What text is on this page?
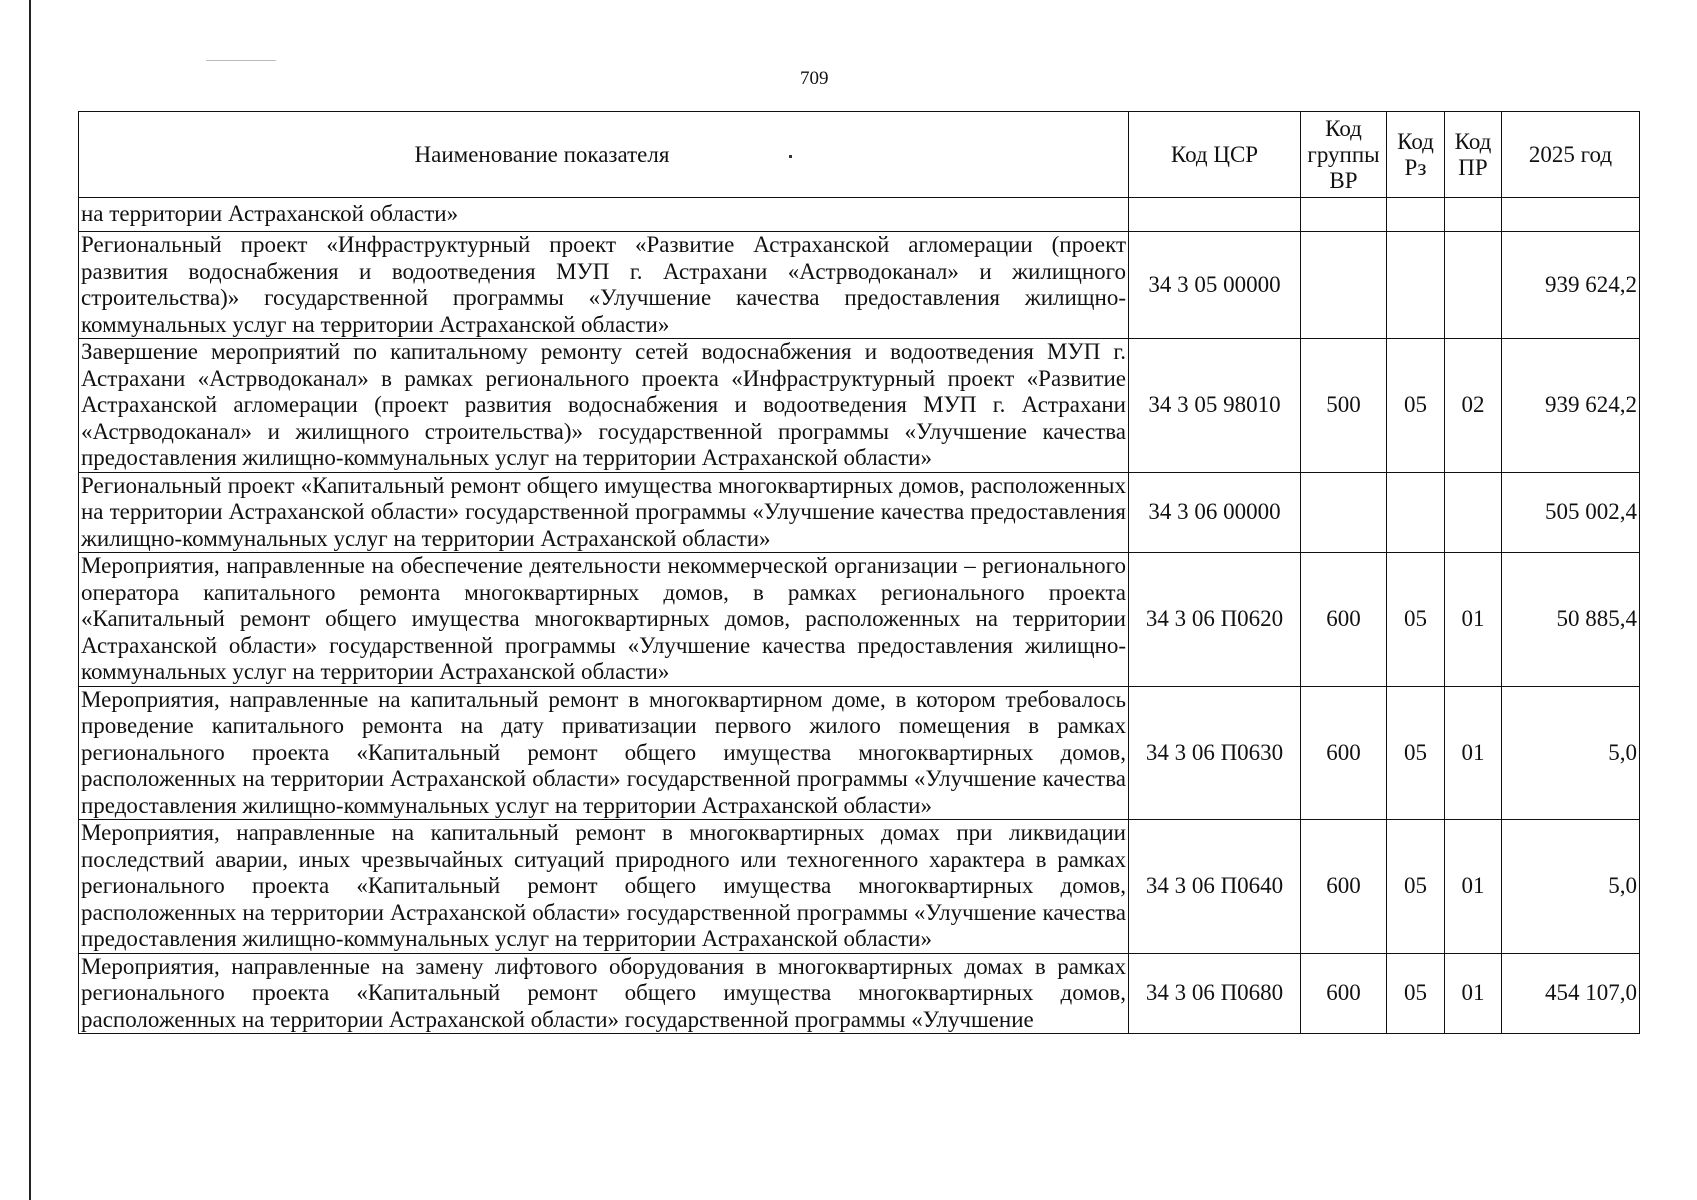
709
Наименование показателя	Код ЦСР	Код группы ВР	Код Рз	Код ПР	2025 год
на территории Астраханской области»					
Региональный проект «Инфраструктурный проект «Развитие Астраханской агломерации (проект развития водоснабжения и водоотведения МУП г. Астрахани «Астрводоканал» и жилищного строительства)» государственной программы «Улучшение качества предоставления жилищно-коммунальных услуг на территории Астраханской области»	34 3 05 00000				939 624,2
Завершение мероприятий по капитальному ремонту сетей водоснабжения и водоотведения МУП г. Астрахани «Астрводоканал» в рамках регионального проекта «Инфраструктурный проект «Развитие Астраханской агломерации (проект развития водоснабжения и водоотведения МУП г. Астрахани «Астрводоканал» и жилищного строительства)» государственной программы «Улучшение качества предоставления жилищно-коммунальных услуг на территории Астраханской области»	34 3 05 98010	500	05	02	939 624,2
Региональный проект «Капитальный ремонт общего имущества многоквартирных домов, расположенных на территории Астраханской области» государственной программы «Улучшение качества предоставления жилищно-коммунальных услуг на территории Астраханской области»	34 3 06 00000				505 002,4
Мероприятия, направленные на обеспечение деятельности некоммерческой организации – регионального оператора капитального ремонта многоквартирных домов, в рамках регионального проекта «Капитальный ремонт общего имущества многоквартирных домов, расположенных на территории Астраханской области» государственной программы «Улучшение качества предоставления жилищно-коммунальных услуг на территории Астраханской области»	34 3 06 П0620	600	05	01	50 885,4
Мероприятия, направленные на капитальный ремонт в многоквартирном доме, в котором требовалось проведение капитального ремонта на дату приватизации первого жилого помещения в рамках регионального проекта «Капитальный ремонт общего имущества многоквартирных домов, расположенных на территории Астраханской области» государственной программы «Улучшение качества предоставления жилищно-коммунальных услуг на территории Астраханской области»	34 3 06 П0630	600	05	01	5,0
Мероприятия, направленные на капитальный ремонт в многоквартирных домах при ликвидации последствий аварии, иных чрезвычайных ситуаций природного или техногенного характера в рамках регионального проекта «Капитальный ремонт общего имущества многоквартирных домов, расположенных на территории Астраханской области» государственной программы «Улучшение качества предоставления жилищно-коммунальных услуг на территории Астраханской области»	34 3 06 П0640	600	05	01	5,0
Мероприятия, направленные на замену лифтового оборудования в многоквартирных домах в рамках регионального проекта «Капитальный ремонт общего имущества многоквартирных домов, расположенных на территории Астраханской области» государственной программы «Улучшение	34 3 06 П0680	600	05	01	454 107,0
